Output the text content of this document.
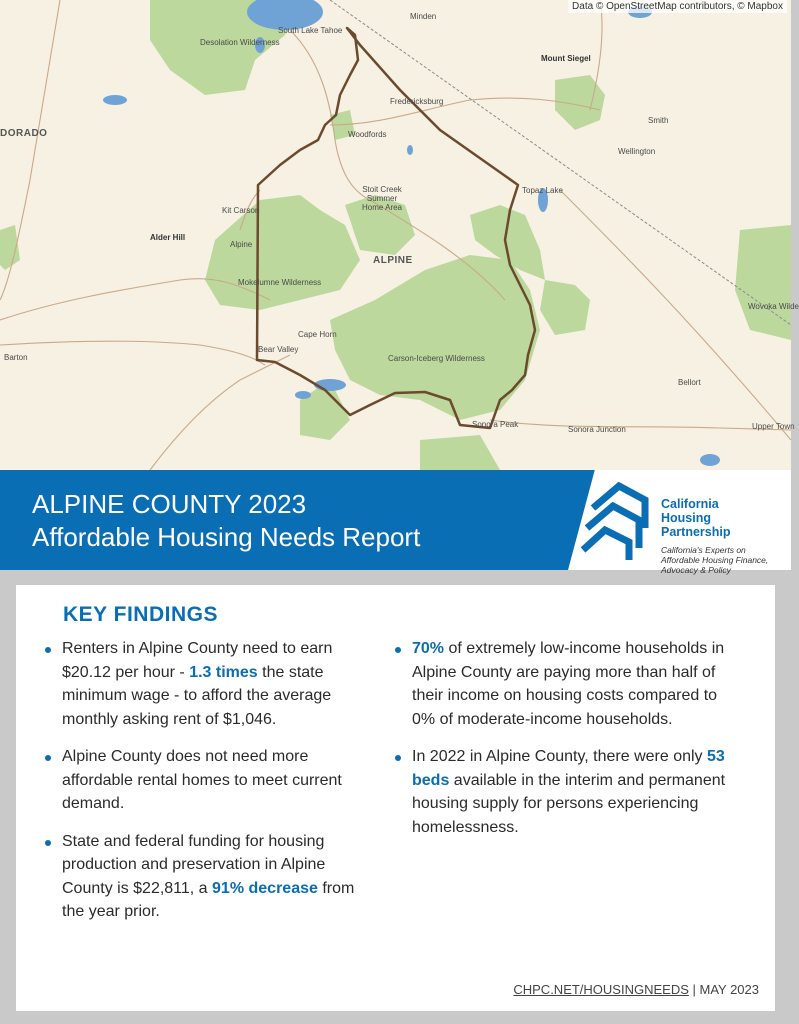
Data © OpenStreetMap contributors, © Mapbox
Desolation Wilderness
South Lake Tahoe
Minden
Mount Siegel
DORADO
Fredericksburg
Smith
Woodfords
Wellington
Kit Carson
Stoit Creek Summer Home Area
Topaz Lake
Alder Hill
Alpine
ALPINE
Mokelumne Wilderness
Wovoka Wilde
Cape Horn
Bear Valley
Barton	Carson-Iceberg Wilderness
Bellort
Sonora Peak
Sonora Junction	Upper Town
ALPINE COUNTY 2023
Affordable Housing Needs Report
California
Housing
Partnership
California's Experts on Affordable Housing Finance, Advocacy & Policy
KEY FINDINGS
Renters in Alpine County need to earn $20.12 per hour - 1.3 times the state minimum wage - to afford the average monthly asking rent of $1,046.
Alpine County does not need more affordable rental homes to meet current demand.
State and federal funding for housing production and preservation in Alpine County is $22,811, a 91% decrease from the year prior.
70% of extremely low-income households in Alpine County are paying more than half of their income on housing costs compared to 0% of moderate-income households.
In 2022 in Alpine County, there were only 53 beds available in the interim and permanent housing supply for persons experiencing homelessness.
CHPC.NET/HOUSINGNEEDS | MAY 2023
